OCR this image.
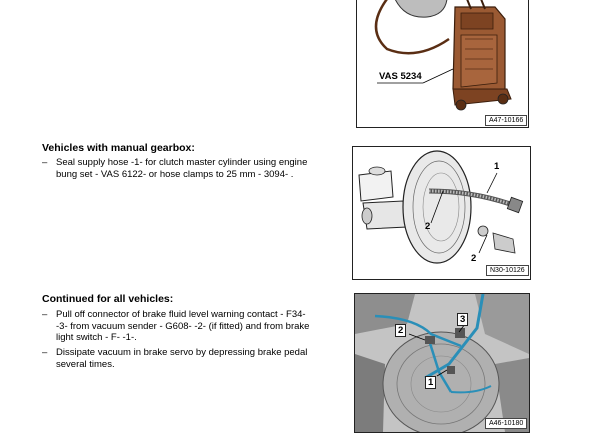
VAS 5234
A47-10166
Vehicles with manual gearbox:
– Seal supply hose -1- for clutch master cylinder using engine
bung set - VAS 6122- or hose clamps to 25 mm - 3094- .
1
2
2
N30-10126
Continued for all vehicles:
– Pull off connector of brake fluid level warning contact - F34-
-3- from vacuum sender - G608- -2- (if fitted) and from brake
light switch - F- -1-.
– Dissipate vacuum in brake servo by depressing brake pedal
several times.
2
3
1
A46-10180
